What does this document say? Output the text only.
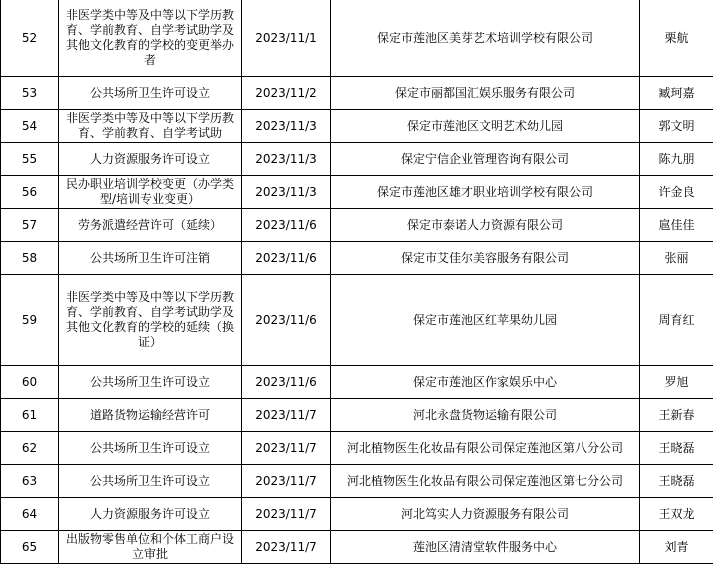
52	非医学类中等及中等以下学历教育、学前教育、自学考试助学及其他文化教育的学校的变更举办者	2023/11/1	保定市莲池区美芽艺术培训学校有限公司	栗航
53	公共场所卫生许可设立	2023/11/2	保定市丽都国汇娱乐服务有限公司	臧珂嘉
54	非医学类中等及中等以下学历教育、学前教育、自学考试助	2023/11/3	保定市莲池区文明艺术幼儿园	郭文明
55	人力资源服务许可设立	2023/11/3	保定宁信企业管理咨询有限公司	陈九朋
56	民办职业培训学校变更（办学类型/培训专业变更）	2023/11/3	保定市莲池区雄才职业培训学校有限公司	许金良
57	劳务派遣经营许可（延续）	2023/11/6	保定市泰诺人力资源有限公司	扈佳佳
58	公共场所卫生许可注销	2023/11/6	保定市艾佳尔美容服务有限公司	张丽
59	非医学类中等及中等以下学历教育、学前教育、自学考试助学及其他文化教育的学校的延续（换证）	2023/11/6	保定市莲池区红苹果幼儿园	周育红
60	公共场所卫生许可设立	2023/11/6	保定市莲池区作家娱乐中心	罗旭
61	道路货物运输经营许可	2023/11/7	河北永盘货物运输有限公司	王新春
62	公共场所卫生许可设立	2023/11/7	河北植物医生化妆品有限公司保定莲池区第八分公司	王晓磊
63	公共场所卫生许可设立	2023/11/7	河北植物医生化妆品有限公司保定莲池区第七分公司	王晓磊
64	人力资源服务许可设立	2023/11/7	河北笃实人力资源服务有限公司	王双龙
65	出版物零售单位和个体工商户设立审批	2023/11/7	莲池区清清堂软件服务中心	刘青
